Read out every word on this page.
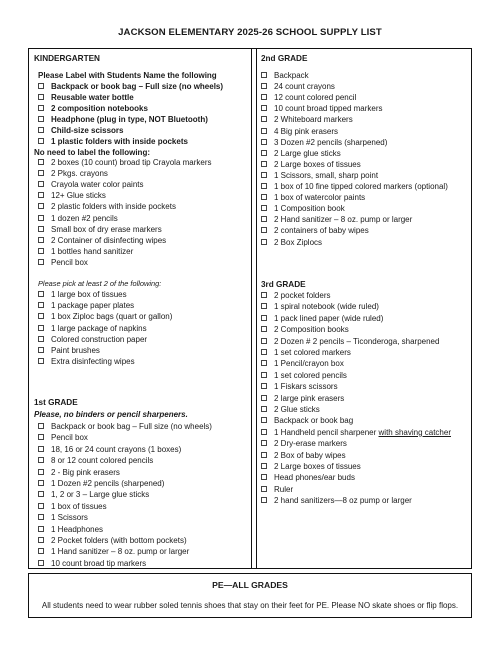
JACKSON ELEMENTARY 2025-26 SCHOOL SUPPLY LIST
KINDERGARTEN
Please Label with Students Name the following
Backpack or book bag – Full size (no wheels)
Reusable water bottle
2 composition notebooks
Headphone (plug in type, NOT Bluetooth)
Child-size scissors
1 plastic folders with inside pockets
No need to label the following:
2 boxes (10 count) broad tip Crayola markers
2 Pkgs. crayons
Crayola water color paints
12+ Glue sticks
2 plastic folders with inside pockets
1 dozen #2 pencils
Small box of dry erase markers
2 Container of disinfecting wipes
1 bottles hand sanitizer
Pencil box
Please pick at least 2 of the following:
1 large box of tissues
1 package paper plates
1 box Ziploc bags (quart or gallon)
1 large package of napkins
Colored construction paper
Paint brushes
Extra disinfecting wipes
1st GRADE
Please, no binders or pencil sharpeners.
Backpack or book bag – Full size (no wheels)
Pencil box
18, 16 or 24 count crayons (1 boxes)
8 or 12 count colored pencils
2 - Big pink erasers
1 Dozen #2 pencils (sharpened)
1, 2 or 3 – Large glue sticks
1 box of tissues
1 Scissors
1 Headphones
2 Pocket folders (with bottom pockets)
1 Hand sanitizer – 8 oz. pump or larger
10 count broad tip markers
2nd GRADE
Backpack
24 count crayons
12 count colored pencil
10 count broad tipped markers
2 Whiteboard markers
4 Big pink erasers
3 Dozen #2 pencils (sharpened)
2 Large glue sticks
2 Large boxes of tissues
1 Scissors, small, sharp point
1 box of 10 fine tipped colored markers (optional)
1 box of watercolor paints
1 Composition book
2 Hand sanitizer – 8 oz. pump or larger
2 containers of baby wipes
2 Box Ziplocs
3rd GRADE
2 pocket folders
1 spiral notebook (wide ruled)
1 pack lined paper (wide ruled)
2 Composition books
2 Dozen # 2 pencils – Ticonderoga, sharpened
1 set colored markers
1 Pencil/crayon box
1 set colored pencils
1 Fiskars scissors
2 large pink erasers
2 Glue sticks
Backpack or book bag
1 Handheld pencil sharpener with shaving catcher
2 Dry-erase markers
2 Box of baby wipes
2 Large boxes of tissues
Head phones/ear buds
Ruler
2 hand sanitizers—8 oz pump or larger
PE—ALL GRADES
All students need to wear rubber soled tennis shoes that stay on their feet for PE. Please NO skate shoes or flip flops.
